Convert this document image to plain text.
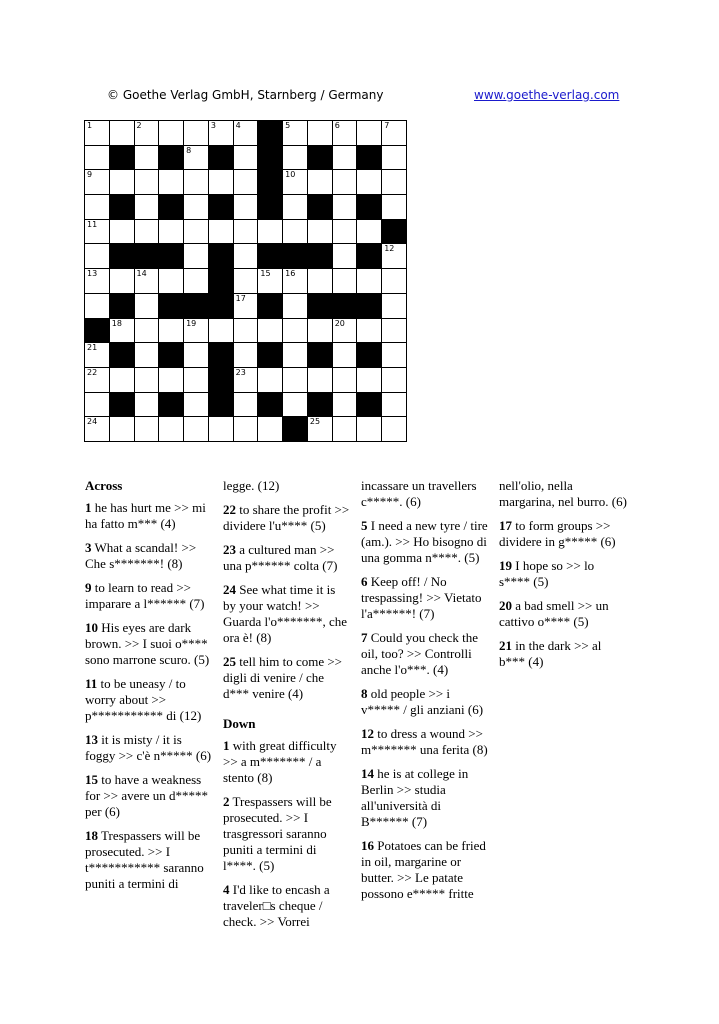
© Goethe Verlag GmbH, Starnberg / Germany	www.goethe-verlag.com
1	2	3 4	5	6	7
8
9	10
11
12
13	14	15 16
17
18	19	20
21
22	23
24	25
Across
1 he has hurt me >> mi ha fatto m*** (4)
3 What a scandal! >> Che s*******! (8)
9 to learn to read >> imparare a l****** (7)
10 His eyes are dark brown. >> I suoi o**** sono marrone scuro. (5)
11 to be uneasy / to worry about >> p*********** di (12)
13 it is misty / it is foggy >> c'è n***** (6)
15 to have a weakness for >> avere un d***** per (6)
18 Trespassers will be prosecuted. >> I t*********** saranno puniti a termini di
legge. (12)
22 to share the profit >> dividere l'u**** (5)
23 a cultured man >> una p****** colta (7)
24 See what time it is by your watch! >> Guarda l'o*******, che ora è! (8)
25 tell him to come >> digli di venire / che d*** venire (4)
Down
1 with great difficulty >> a m******* / a stento (8)
2 Trespassers will be prosecuted. >> I trasgressori saranno puniti a termini di l****. (5)
4 I'd like to encash a traveler□s cheque / check. >> Vorrei
incassare un travellers c*****. (6)
5 I need a new tyre / tire (am.). >> Ho bisogno di una gomma n****. (5)
6 Keep off! / No trespassing! >> Vietato l'a******! (7)
7 Could you check the oil, too? >> Controlli anche l'o***. (4)
8 old people >> i v***** / gli anziani (6)
12 to dress a wound >> m******* una ferita (8)
14 he is at college in Berlin >> studia all'università di B****** (7)
16 Potatoes can be fried in oil, margarine or butter. >> Le patate possono e***** fritte
nell'olio, nella margarina, nel burro. (6)
17 to form groups >> dividere in g***** (6)
19 I hope so >> lo s**** (5)
20 a bad smell >> un cattivo o**** (5)
21 in the dark >> al b*** (4)
